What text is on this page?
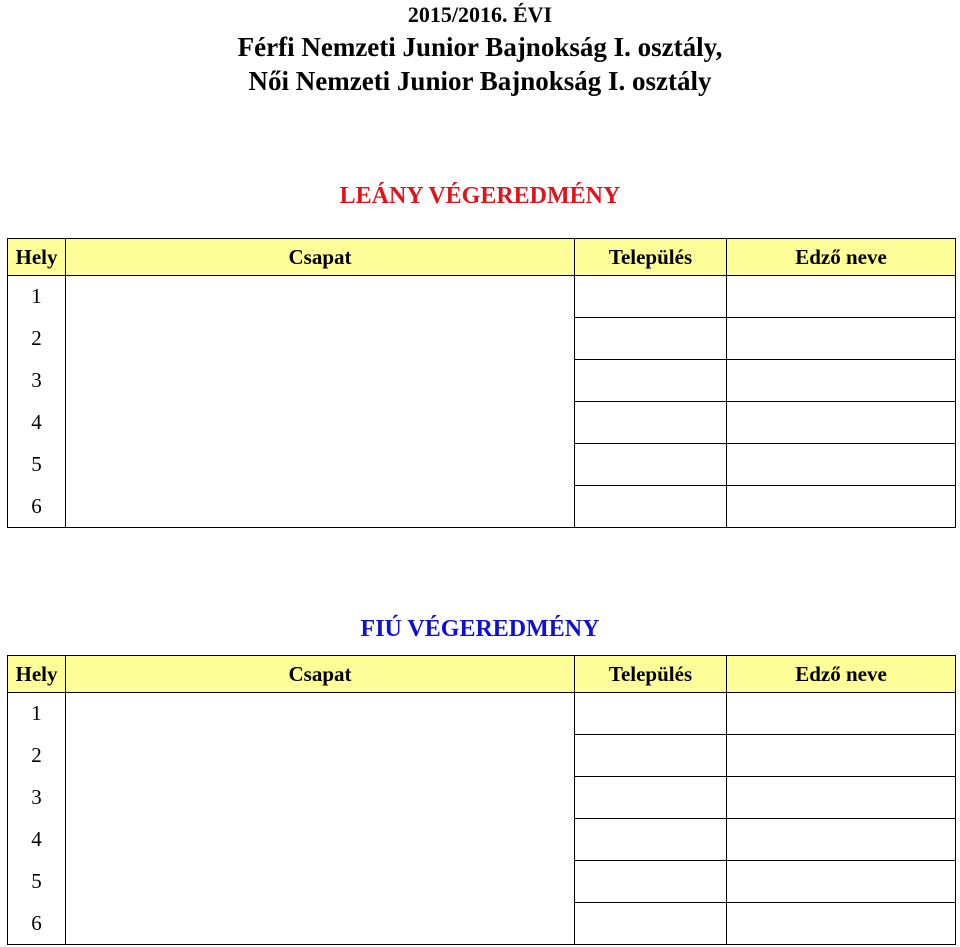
2015/2016. ÉVI
Férfi Nemzeti Junior Bajnokság I. osztály,
Női Nemzeti Junior Bajnokság I. osztály
LEÁNY VÉGEREDMÉNY
Hely	Csapat	Település	Edző neve
1			
2			
3			
4			
5			
6			
FIÚ VÉGEREDMÉNY
Hely	Csapat	Település	Edző neve
1			
2			
3			
4			
5			
6			
